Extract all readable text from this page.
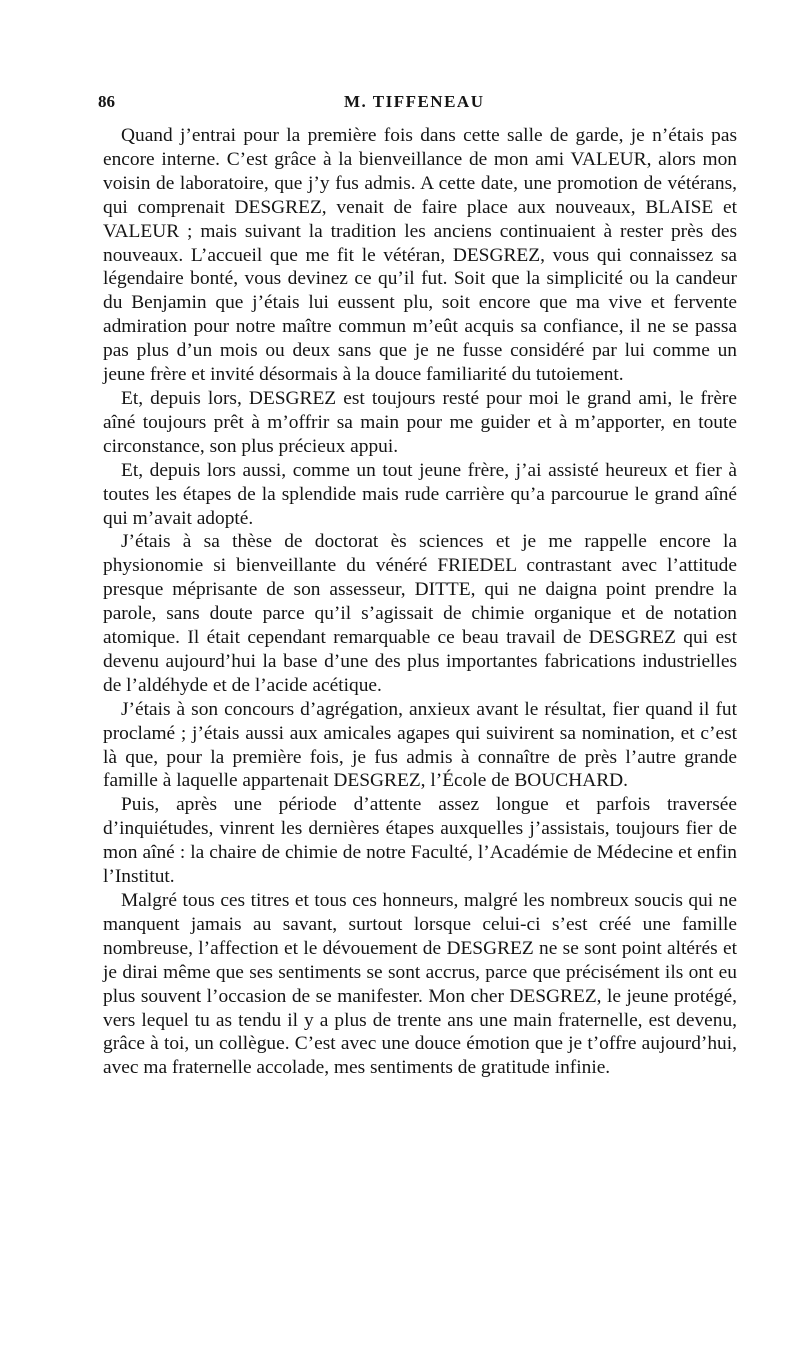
86	M. TIFFENEAU

Quand j’entrai pour la première fois dans cette salle de garde, je n’étais pas encore interne. C’est grâce à la bienveillance de mon ami VALEUR, alors mon voisin de laboratoire, que j’y fus admis. A cette date, une promotion de vétérans, qui comprenait DESGREZ, venait de faire place aux nouveaux, BLAISE et VALEUR ; mais suivant la tradition les anciens continuaient à rester près des nouveaux. L’accueil que me fit le vétéran, DESGREZ, vous qui connaissez sa légendaire bonté, vous devinez ce qu’il fut. Soit que la simplicité ou la candeur du Benjamin que j’étais lui eussent plu, soit encore que ma vive et fervente admiration pour notre maître commun m’eût acquis sa confiance, il ne se passa pas plus d’un mois ou deux sans que je ne fusse considéré par lui comme un jeune frère et invité désormais à la douce familiarité du tutoiement.

Et, depuis lors, DESGREZ est toujours resté pour moi le grand ami, le frère aîné toujours prêt à m’offrir sa main pour me guider et à m’apporter, en toute circonstance, son plus précieux appui.

Et, depuis lors aussi, comme un tout jeune frère, j’ai assisté heureux et fier à toutes les étapes de la splendide mais rude carrière qu’a parcourue le grand aîné qui m’avait adopté.

J’étais à sa thèse de doctorat ès sciences et je me rappelle encore la physionomie si bienveillante du vénéré FRIEDEL contrastant avec l’attitude presque méprisante de son assesseur, DITTE, qui ne daigna point prendre la parole, sans doute parce qu’il s’agissait de chimie organique et de notation atomique. Il était cependant remarquable ce beau travail de DESGREZ qui est devenu aujourd’hui la base d’une des plus importantes fabrications industrielles de l’aldéhyde et de l’acide acétique.

J’étais à son concours d’agrégation, anxieux avant le résultat, fier quand il fut proclamé ; j’étais aussi aux amicales agapes qui suivirent sa nomination, et c’est là que, pour la première fois, je fus admis à connaître de près l’autre grande famille à laquelle appartenait DESGREZ, l’École de BOUCHARD.

Puis, après une période d’attente assez longue et parfois traversée d’inquiétudes, vinrent les dernières étapes auxquelles j’assistais, toujours fier de mon aîné : la chaire de chimie de notre Faculté, l’Académie de Médecine et enfin l’Institut.

Malgré tous ces titres et tous ces honneurs, malgré les nombreux soucis qui ne manquent jamais au savant, surtout lorsque celui-ci s’est créé une famille nombreuse, l’affection et le dévouement de DESGREZ ne se sont point altérés et je dirai même que ses sentiments se sont accrus, parce que précisément ils ont eu plus souvent l’occasion de se manifester. Mon cher DESGREZ, le jeune protégé, vers lequel tu as tendu il y a plus de trente ans une main fraternelle, est devenu, grâce à toi, un collègue. C’est avec une douce émotion que je t’offre aujourd’hui, avec ma fraternelle accolade, mes sentiments de gratitude infinie.
